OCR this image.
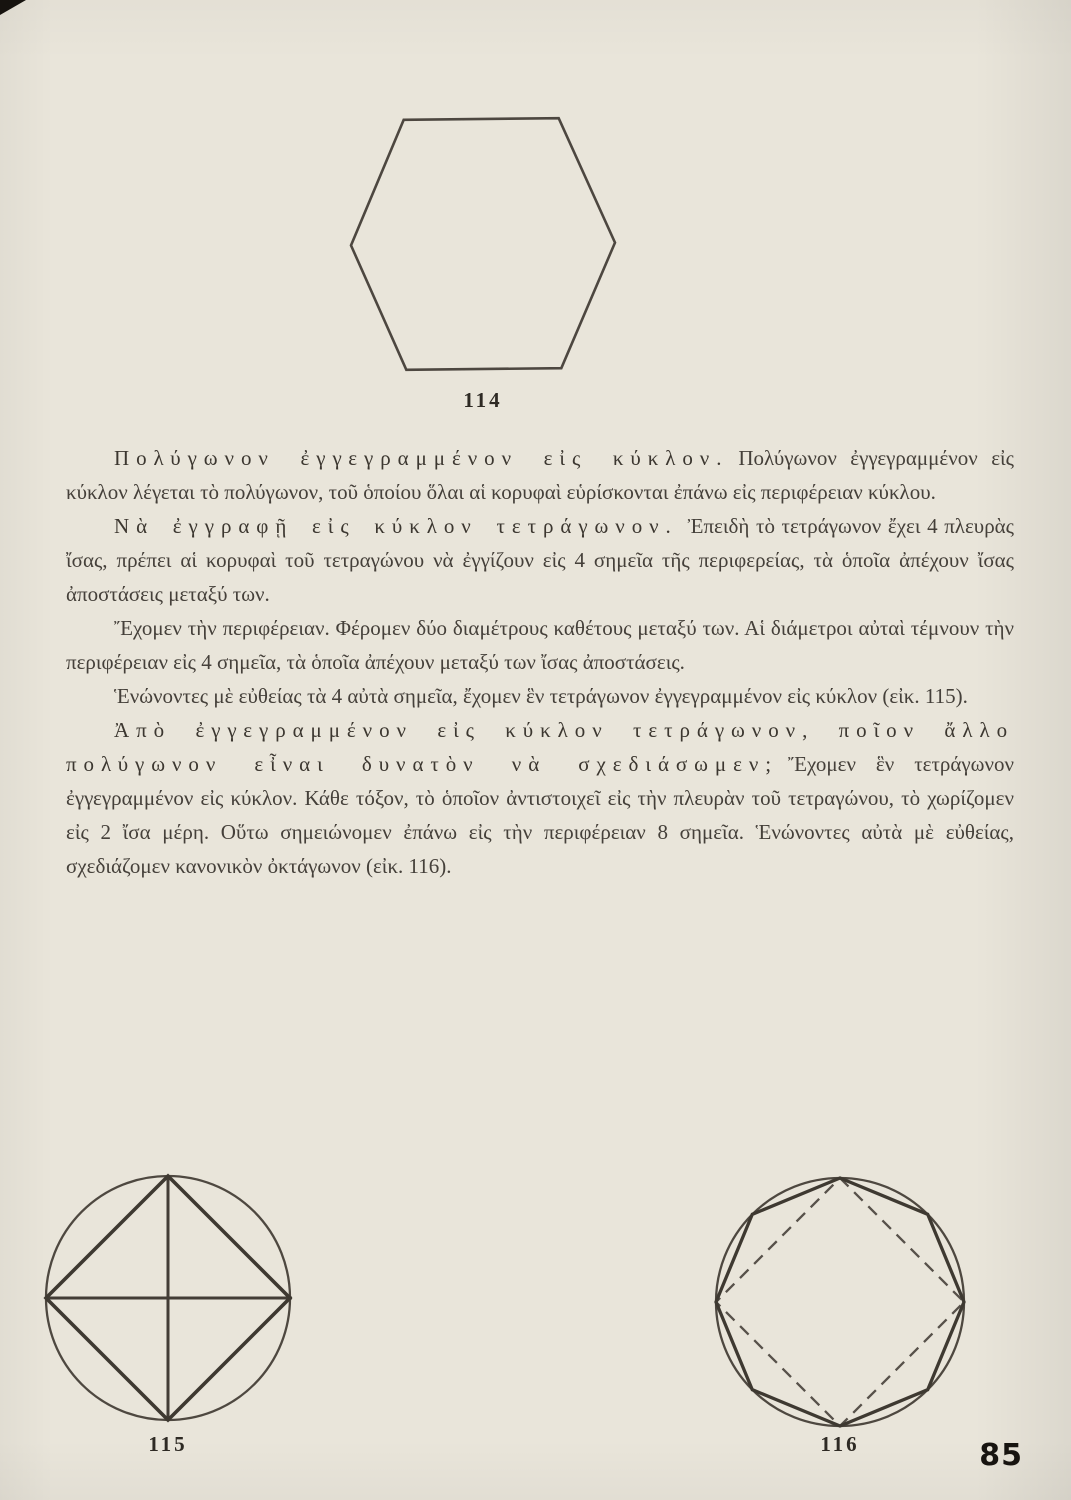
114

Πολύγωνον ἐγγεγραμμένον εἰς κύκλον. Πολύγωνον ἐγγεγραμμένον εἰς κύκλον λέγεται τὸ πολύγωνον, τοῦ ὁποίου ὅλαι αἱ κορυφαὶ εὑρίσκονται ἐπάνω εἰς περιφέρειαν κύκλου.

Νὰ ἐγγραφῇ εἰς κύκλον τετράγωνον. Ἐπειδὴ τὸ τετράγωνον ἔχει 4 πλευρὰς ἴσας, πρέπει αἱ κορυφαὶ τοῦ τετραγώνου νὰ ἐγγίζουν εἰς 4 σημεῖα τῆς περιφερείας, τὰ ὁποῖα ἀπέχουν ἴσας ἀποστάσεις μεταξύ των.

Ἔχομεν τὴν περιφέρειαν. Φέρομεν δύο διαμέτρους καθέτους μεταξύ των. Αἱ διάμετροι αὐταὶ τέμνουν τὴν περιφέρειαν εἰς 4 σημεῖα, τὰ ὁποῖα ἀπέχουν μεταξύ των ἴσας ἀποστάσεις.

Ἑνώνοντες μὲ εὐθείας τὰ 4 αὐτὰ σημεῖα, ἔχομεν ἓν τετράγωνον ἐγγεγραμμένον εἰς κύκλον (εἰκ. 115).

Ἀπὸ ἐγγεγραμμένον εἰς κύκλον τετράγωνον, ποῖον ἄλλο πολύγωνον εἶναι δυνατὸν νὰ σχεδιάσωμεν; Ἔχομεν ἓν τετράγωνον ἐγγεγραμμένον εἰς κύκλον. Κάθε τόξον, τὸ ὁποῖον ἀντιστοιχεῖ εἰς τὴν πλευρὰν τοῦ τετραγώνου, τὸ χωρίζομεν εἰς 2 ἴσα μέρη. Οὕτω σημειώνομεν ἐπάνω εἰς τὴν περιφέρειαν 8 σημεῖα. Ἑνώνοντες αὐτὰ μὲ εὐθείας, σχεδιάζομεν κανονικὸν ὀκτάγωνον (εἰκ. 116).

115	116	85
